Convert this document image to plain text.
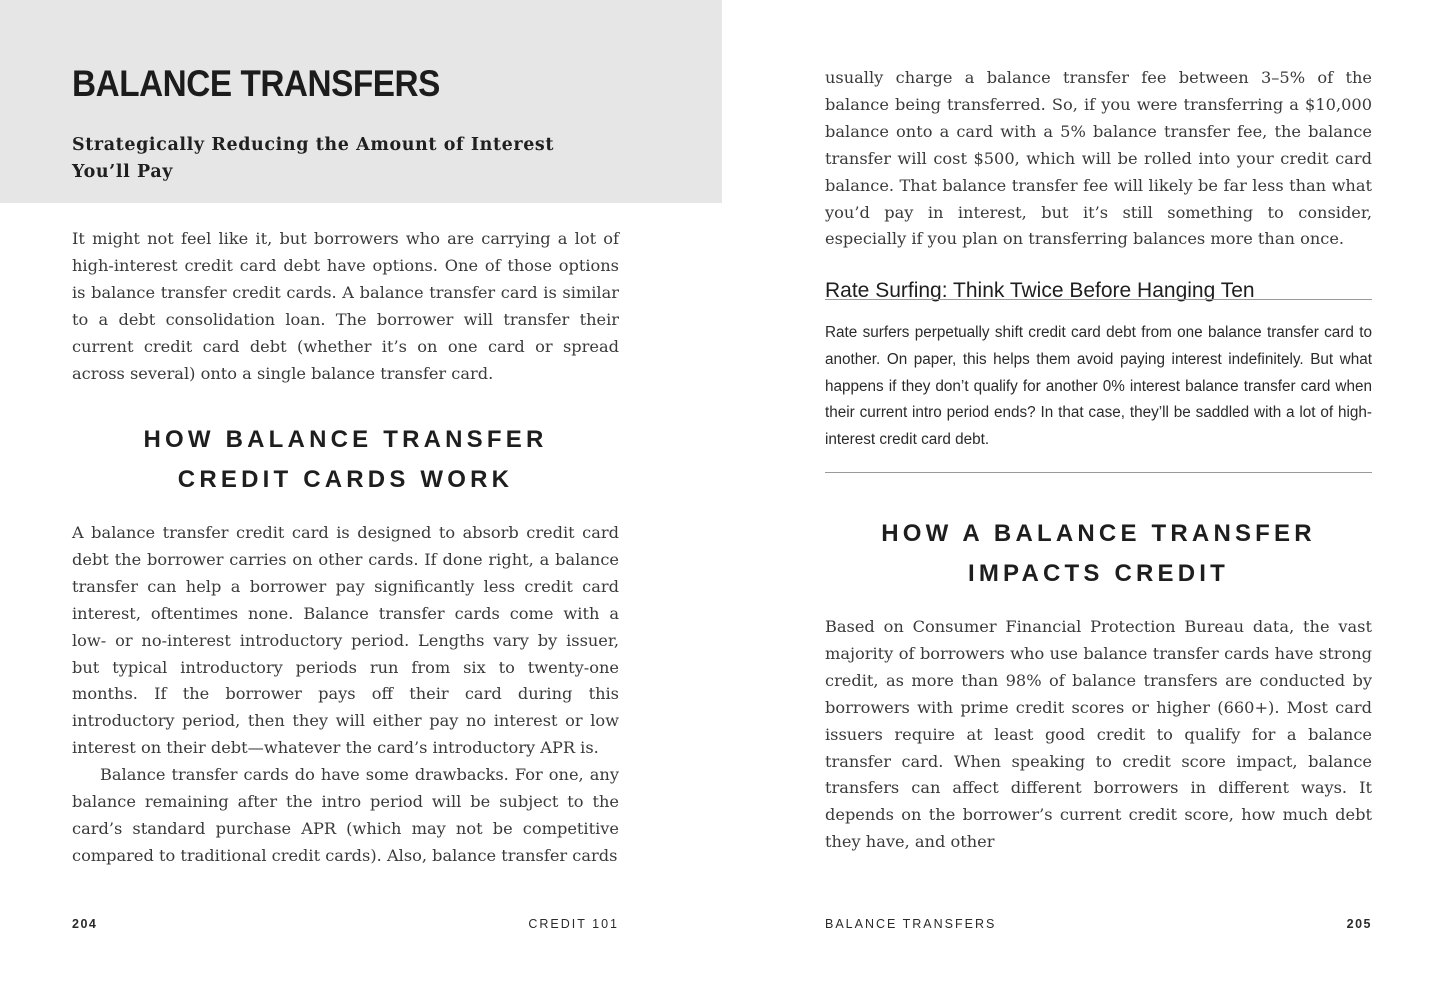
BALANCE TRANSFERS
Strategically Reducing the Amount of Interest You’ll Pay

It might not feel like it, but borrowers who are carrying a lot of high-interest credit card debt have options. One of those options is balance transfer credit cards. A balance transfer card is similar to a debt consolidation loan. The borrower will transfer their current credit card debt (whether it’s on one card or spread across several) onto a single balance transfer card.

HOW BALANCE TRANSFER
CREDIT CARDS WORK

A balance transfer credit card is designed to absorb credit card debt the borrower carries on other cards. If done right, a balance transfer can help a borrower pay significantly less credit card interest, oftentimes none. Balance transfer cards come with a low- or no-interest introductory period. Lengths vary by issuer, but typical introductory periods run from six to twenty-one months. If the borrower pays off their card during this introductory period, then they will either pay no interest or low interest on their debt—whatever the card’s introductory APR is.

Balance transfer cards do have some drawbacks. For one, any balance remaining after the intro period will be subject to the card’s standard purchase APR (which may not be competitive compared to traditional credit cards). Also, balance transfer cards

204	CREDIT 101

usually charge a balance transfer fee between 3–5% of the balance being transferred. So, if you were transferring a $10,000 balance onto a card with a 5% balance transfer fee, the balance transfer will cost $500, which will be rolled into your credit card balance. That balance transfer fee will likely be far less than what you’d pay in interest, but it’s still something to consider, especially if you plan on transferring balances more than once.

Rate Surfing: Think Twice Before Hanging Ten

Rate surfers perpetually shift credit card debt from one balance transfer card to another. On paper, this helps them avoid paying interest indefinitely. But what happens if they don’t qualify for another 0% interest balance transfer card when their current intro period ends? In that case, they’ll be saddled with a lot of high-interest credit card debt.

HOW A BALANCE TRANSFER
IMPACTS CREDIT

Based on Consumer Financial Protection Bureau data, the vast majority of borrowers who use balance transfer cards have strong credit, as more than 98% of balance transfers are conducted by borrowers with prime credit scores or higher (660+). Most card issuers require at least good credit to qualify for a balance transfer card. When speaking to credit score impact, balance transfers can affect different borrowers in different ways. It depends on the borrower’s current credit score, how much debt they have, and other

BALANCE TRANSFERS	205
